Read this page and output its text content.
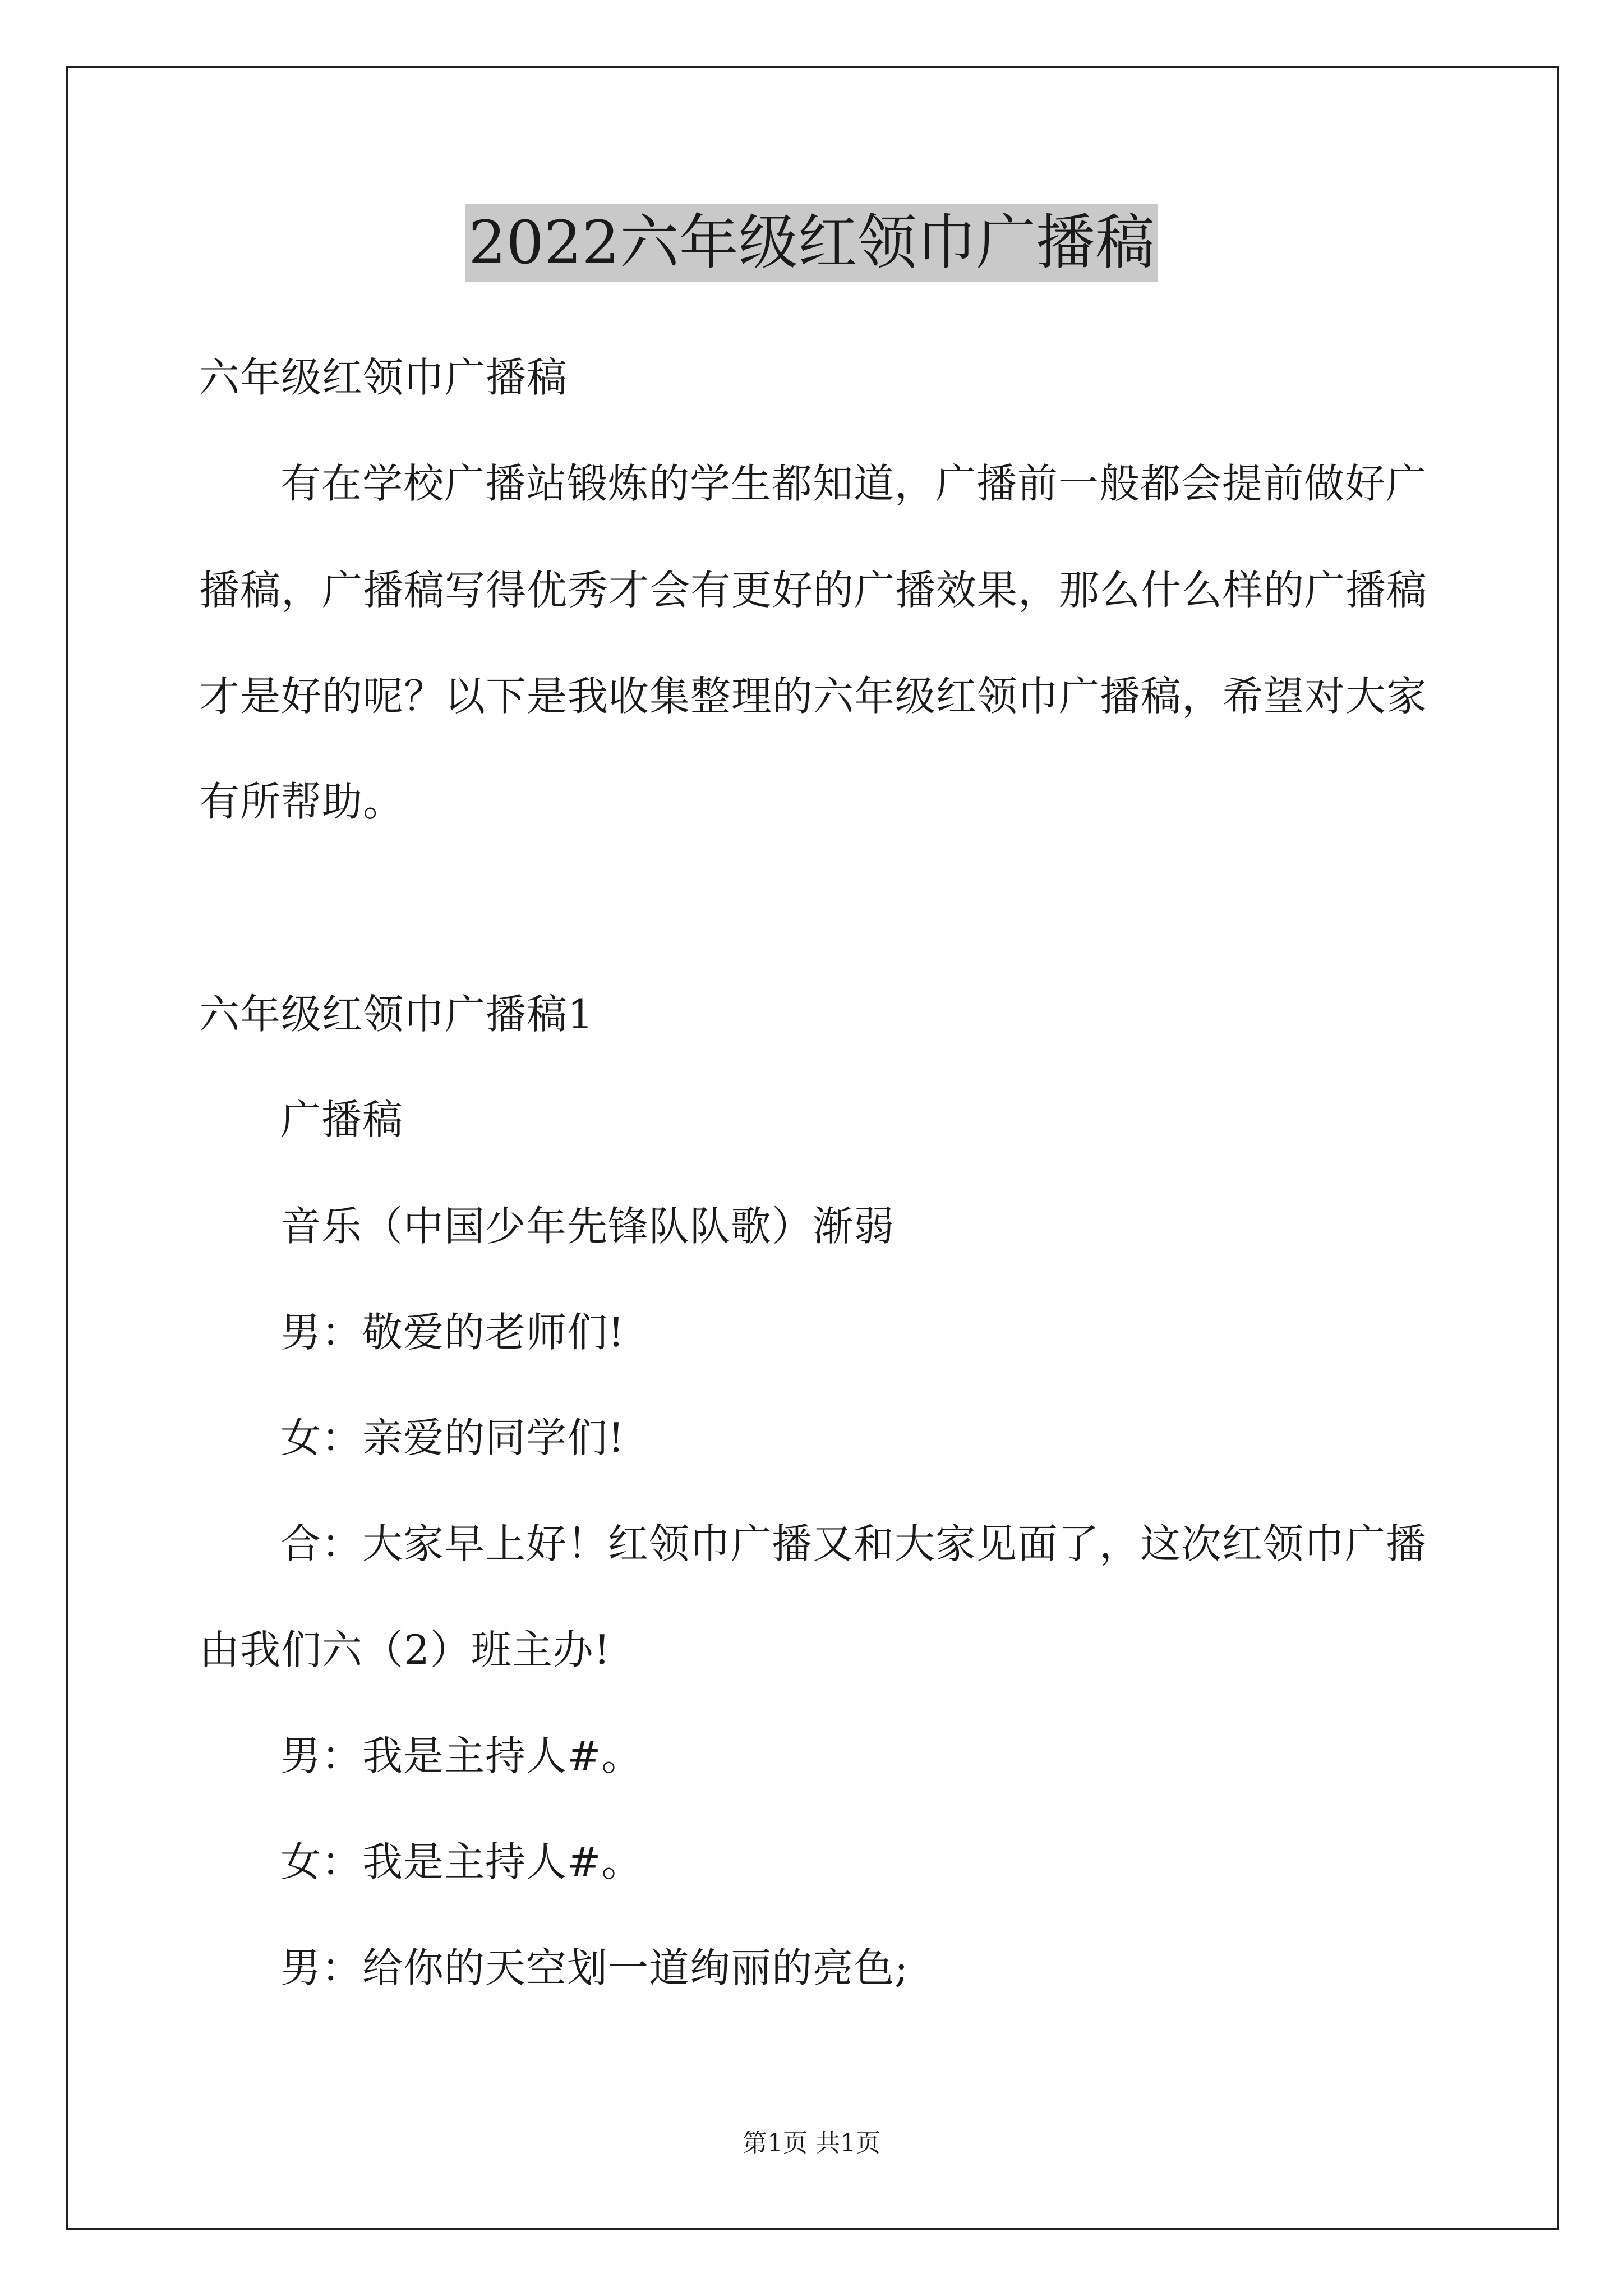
2022六年级红领巾广播稿
六年级红领巾广播稿
有在学校广播站锻炼的学生都知道，广播前一般都会提前做好广
播稿，广播稿写得优秀才会有更好的广播效果，那么什么样的广播稿
才是好的呢？以下是我收集整理的六年级红领巾广播稿，希望对大家
有所帮助。
六年级红领巾广播稿1
广播稿
音乐（中国少年先锋队队歌）渐弱
男：敬爱的老师们!
女：亲爱的同学们!
合：大家早上好！红领巾广播又和大家见面了，这次红领巾广播
由我们六（2）班主办!
男：我是主持人#。
女：我是主持人#。
男：给你的天空划一道绚丽的亮色;
第1页 共1页
